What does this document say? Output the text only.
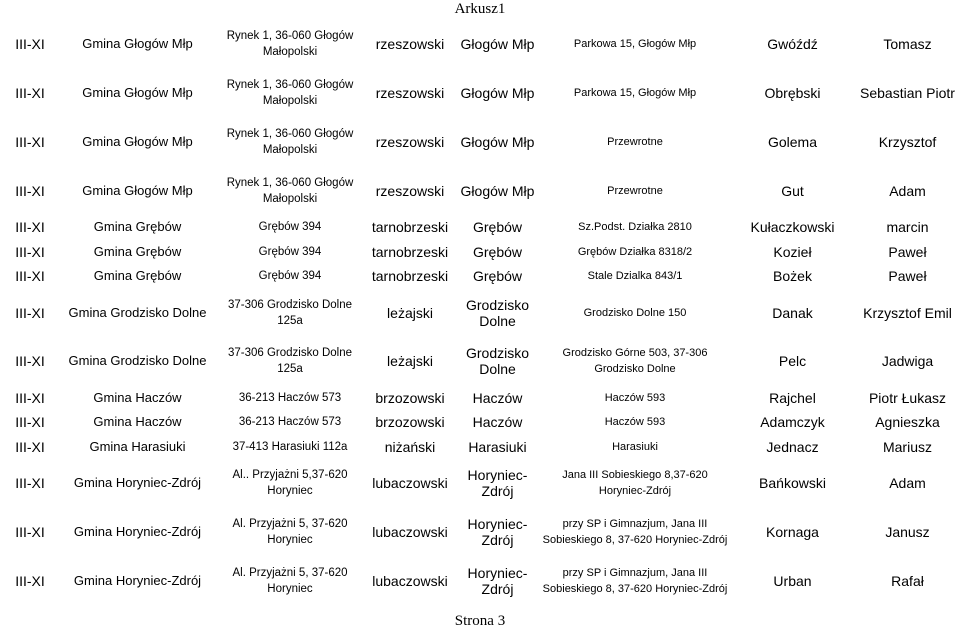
Arkusz1
III-XI	Gmina Głogów Młp	Rynek 1, 36-060 Głogów Małopolski	rzeszowski	Głogów Młp	Parkowa 15, Głogów Młp	Gwóźdź	Tomasz
III-XI	Gmina Głogów Młp	Rynek 1, 36-060 Głogów Małopolski	rzeszowski	Głogów Młp	Parkowa 15, Głogów Młp	Obrębski	Sebastian Piotr
III-XI	Gmina Głogów Młp	Rynek 1, 36-060 Głogów Małopolski	rzeszowski	Głogów Młp	Przewrotne	Golema	Krzysztof
III-XI	Gmina Głogów Młp	Rynek 1, 36-060 Głogów Małopolski	rzeszowski	Głogów Młp	Przewrotne	Gut	Adam
III-XI	Gmina Grębów	Grębów 394	tarnobrzeski	Grębów	Sz.Podst. Działka 2810	Kułaczkowski	marcin
III-XI	Gmina Grębów	Grębów 394	tarnobrzeski	Grębów	Grębów Działka 8318/2	Kozieł	Paweł
III-XI	Gmina Grębów	Grębów 394	tarnobrzeski	Grębów	Stale Dzialka 843/1	Bożek	Paweł
III-XI	Gmina Grodzisko Dolne	37-306 Grodzisko Dolne 125a	leżajski	Grodzisko Dolne	Grodzisko Dolne 150	Danak	Krzysztof Emil
III-XI	Gmina Grodzisko Dolne	37-306 Grodzisko Dolne 125a	leżajski	Grodzisko Dolne	Grodzisko Górne 503, 37-306 Grodzisko Dolne	Pelc	Jadwiga
III-XI	Gmina Haczów	36-213 Haczów 573	brzozowski	Haczów	Haczów 593	Rajchel	Piotr Łukasz
III-XI	Gmina Haczów	36-213 Haczów 573	brzozowski	Haczów	Haczów 593	Adamczyk	Agnieszka
III-XI	Gmina Harasiuki	37-413 Harasiuki 112a	niżański	Harasiuki	Harasiuki	Jednacz	Mariusz
III-XI	Gmina Horyniec-Zdrój	Al.. Przyjażni 5,37-620 Horyniec	lubaczowski	Horyniec-Zdrój	Jana III Sobieskiego 8,37-620 Horyniec-Zdrój	Bańkowski	Adam
III-XI	Gmina Horyniec-Zdrój	Al. Przyjażni 5, 37-620 Horyniec	lubaczowski	Horyniec-Zdrój	przy SP i Gimnazjum, Jana III Sobieskiego 8, 37-620 Horyniec-Zdrój	Kornaga	Janusz
III-XI	Gmina Horyniec-Zdrój	Al. Przyjażni 5, 37-620 Horyniec	lubaczowski	Horyniec-Zdrój	przy SP i Gimnazjum, Jana III Sobieskiego 8, 37-620 Horyniec-Zdrój	Urban	Rafał
Strona 3
